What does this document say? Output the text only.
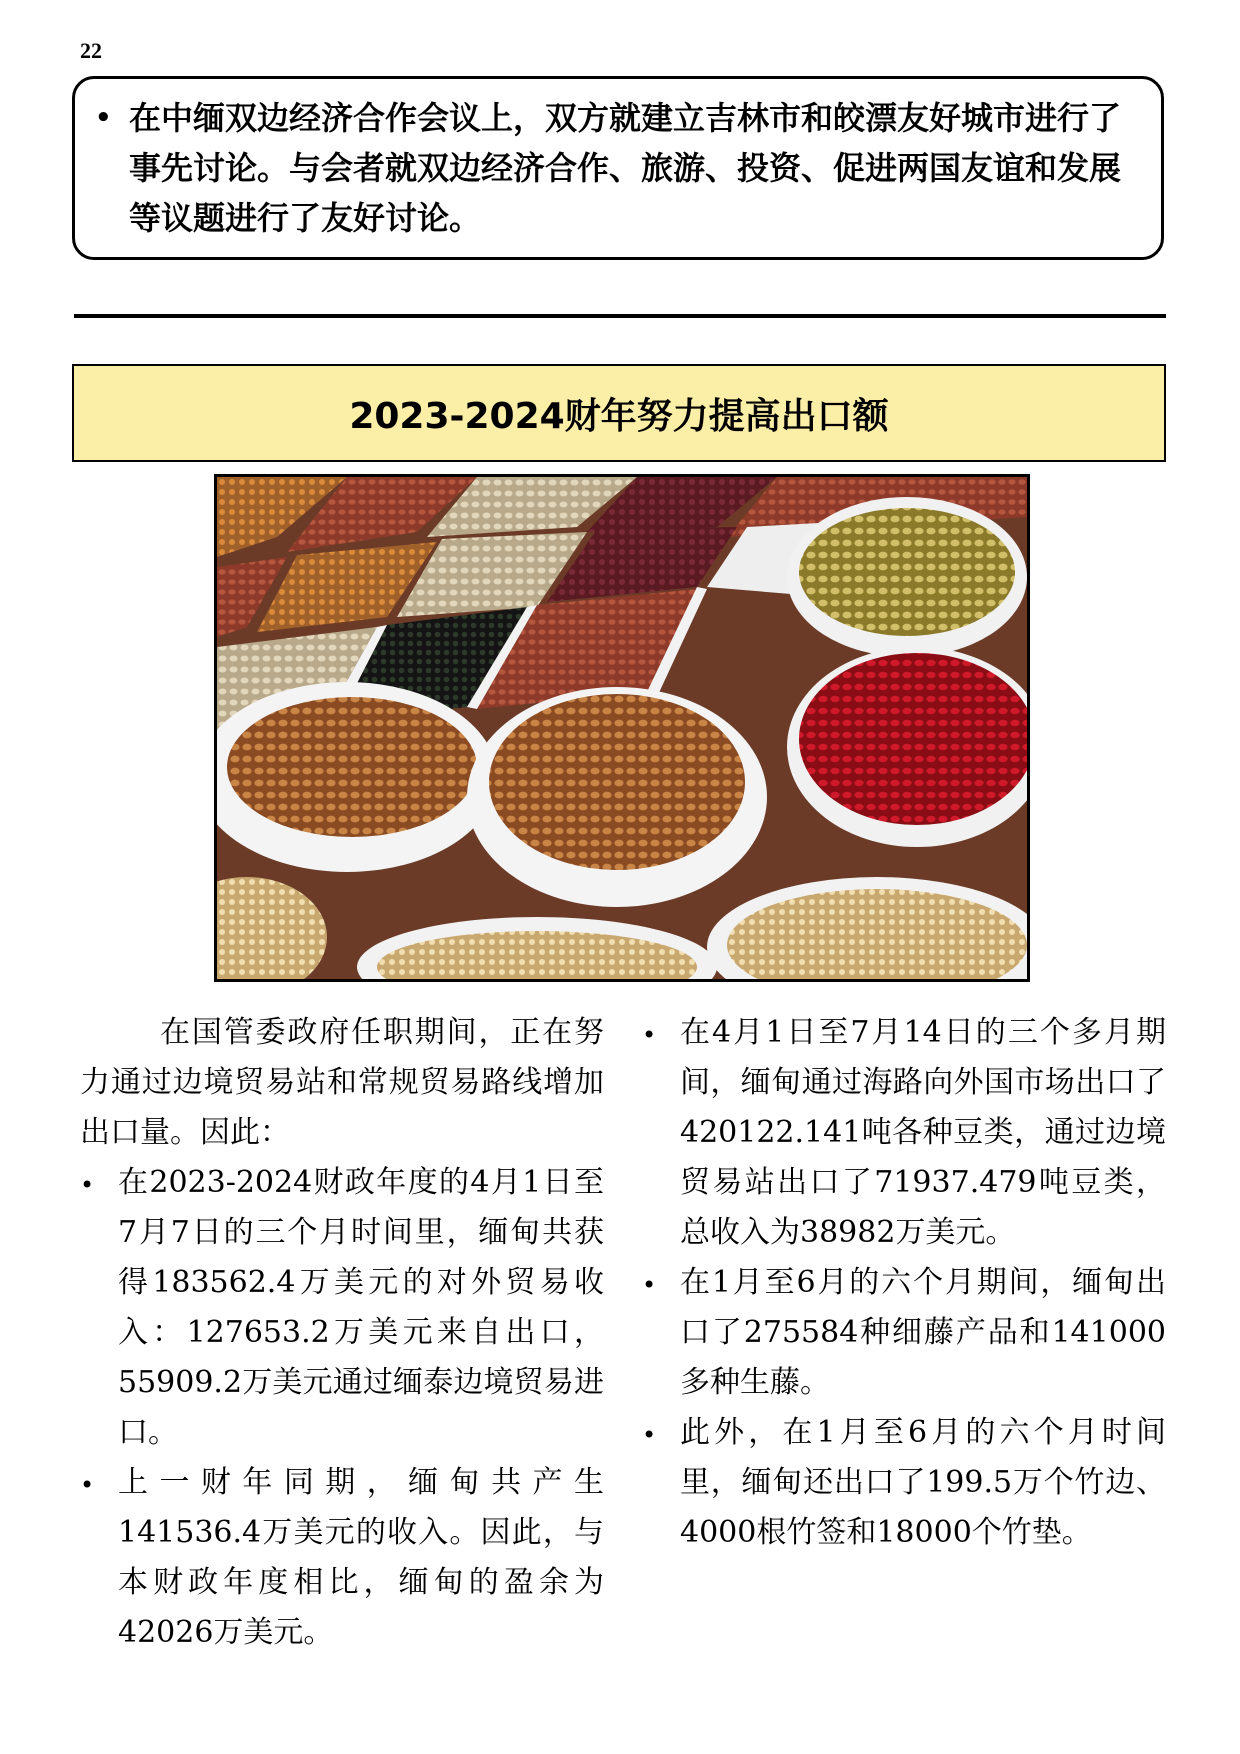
22
• 在中缅双边经济合作会议上，双方就建立吉林市和皎漂友好城市进行了事先讨论。与会者就双边经济合作、旅游、投资、促进两国友谊和发展等议题进行了友好讨论。
2023-2024财年努力提高出口额

在国管委政府任职期间，正在努力通过边境贸易站和常规贸易路线增加出口量。因此：

• 在2023-2024财政年度的4月1日至7月7日的三个月时间里，缅甸共获得183562.4万美元的对外贸易收入：127653.2万美元来自出口，55909.2万美元通过缅泰边境贸易进口。
• 上一财年同期，缅甸共产生141536.4万美元的收入。因此，与本财政年度相比，缅甸的盈余为42026万美元。
• 在4月1日至7月14日的三个多月期间，缅甸通过海路向外国市场出口了420122.141吨各种豆类，通过边境贸易站出口了71937.479吨豆类，总收入为38982万美元。
• 在1月至6月的六个月期间，缅甸出口了275584种细藤产品和141000多种生藤。
• 此外，在1月至6月的六个月时间里，缅甸还出口了199.5万个竹边、4000根竹签和18000个竹垫。
